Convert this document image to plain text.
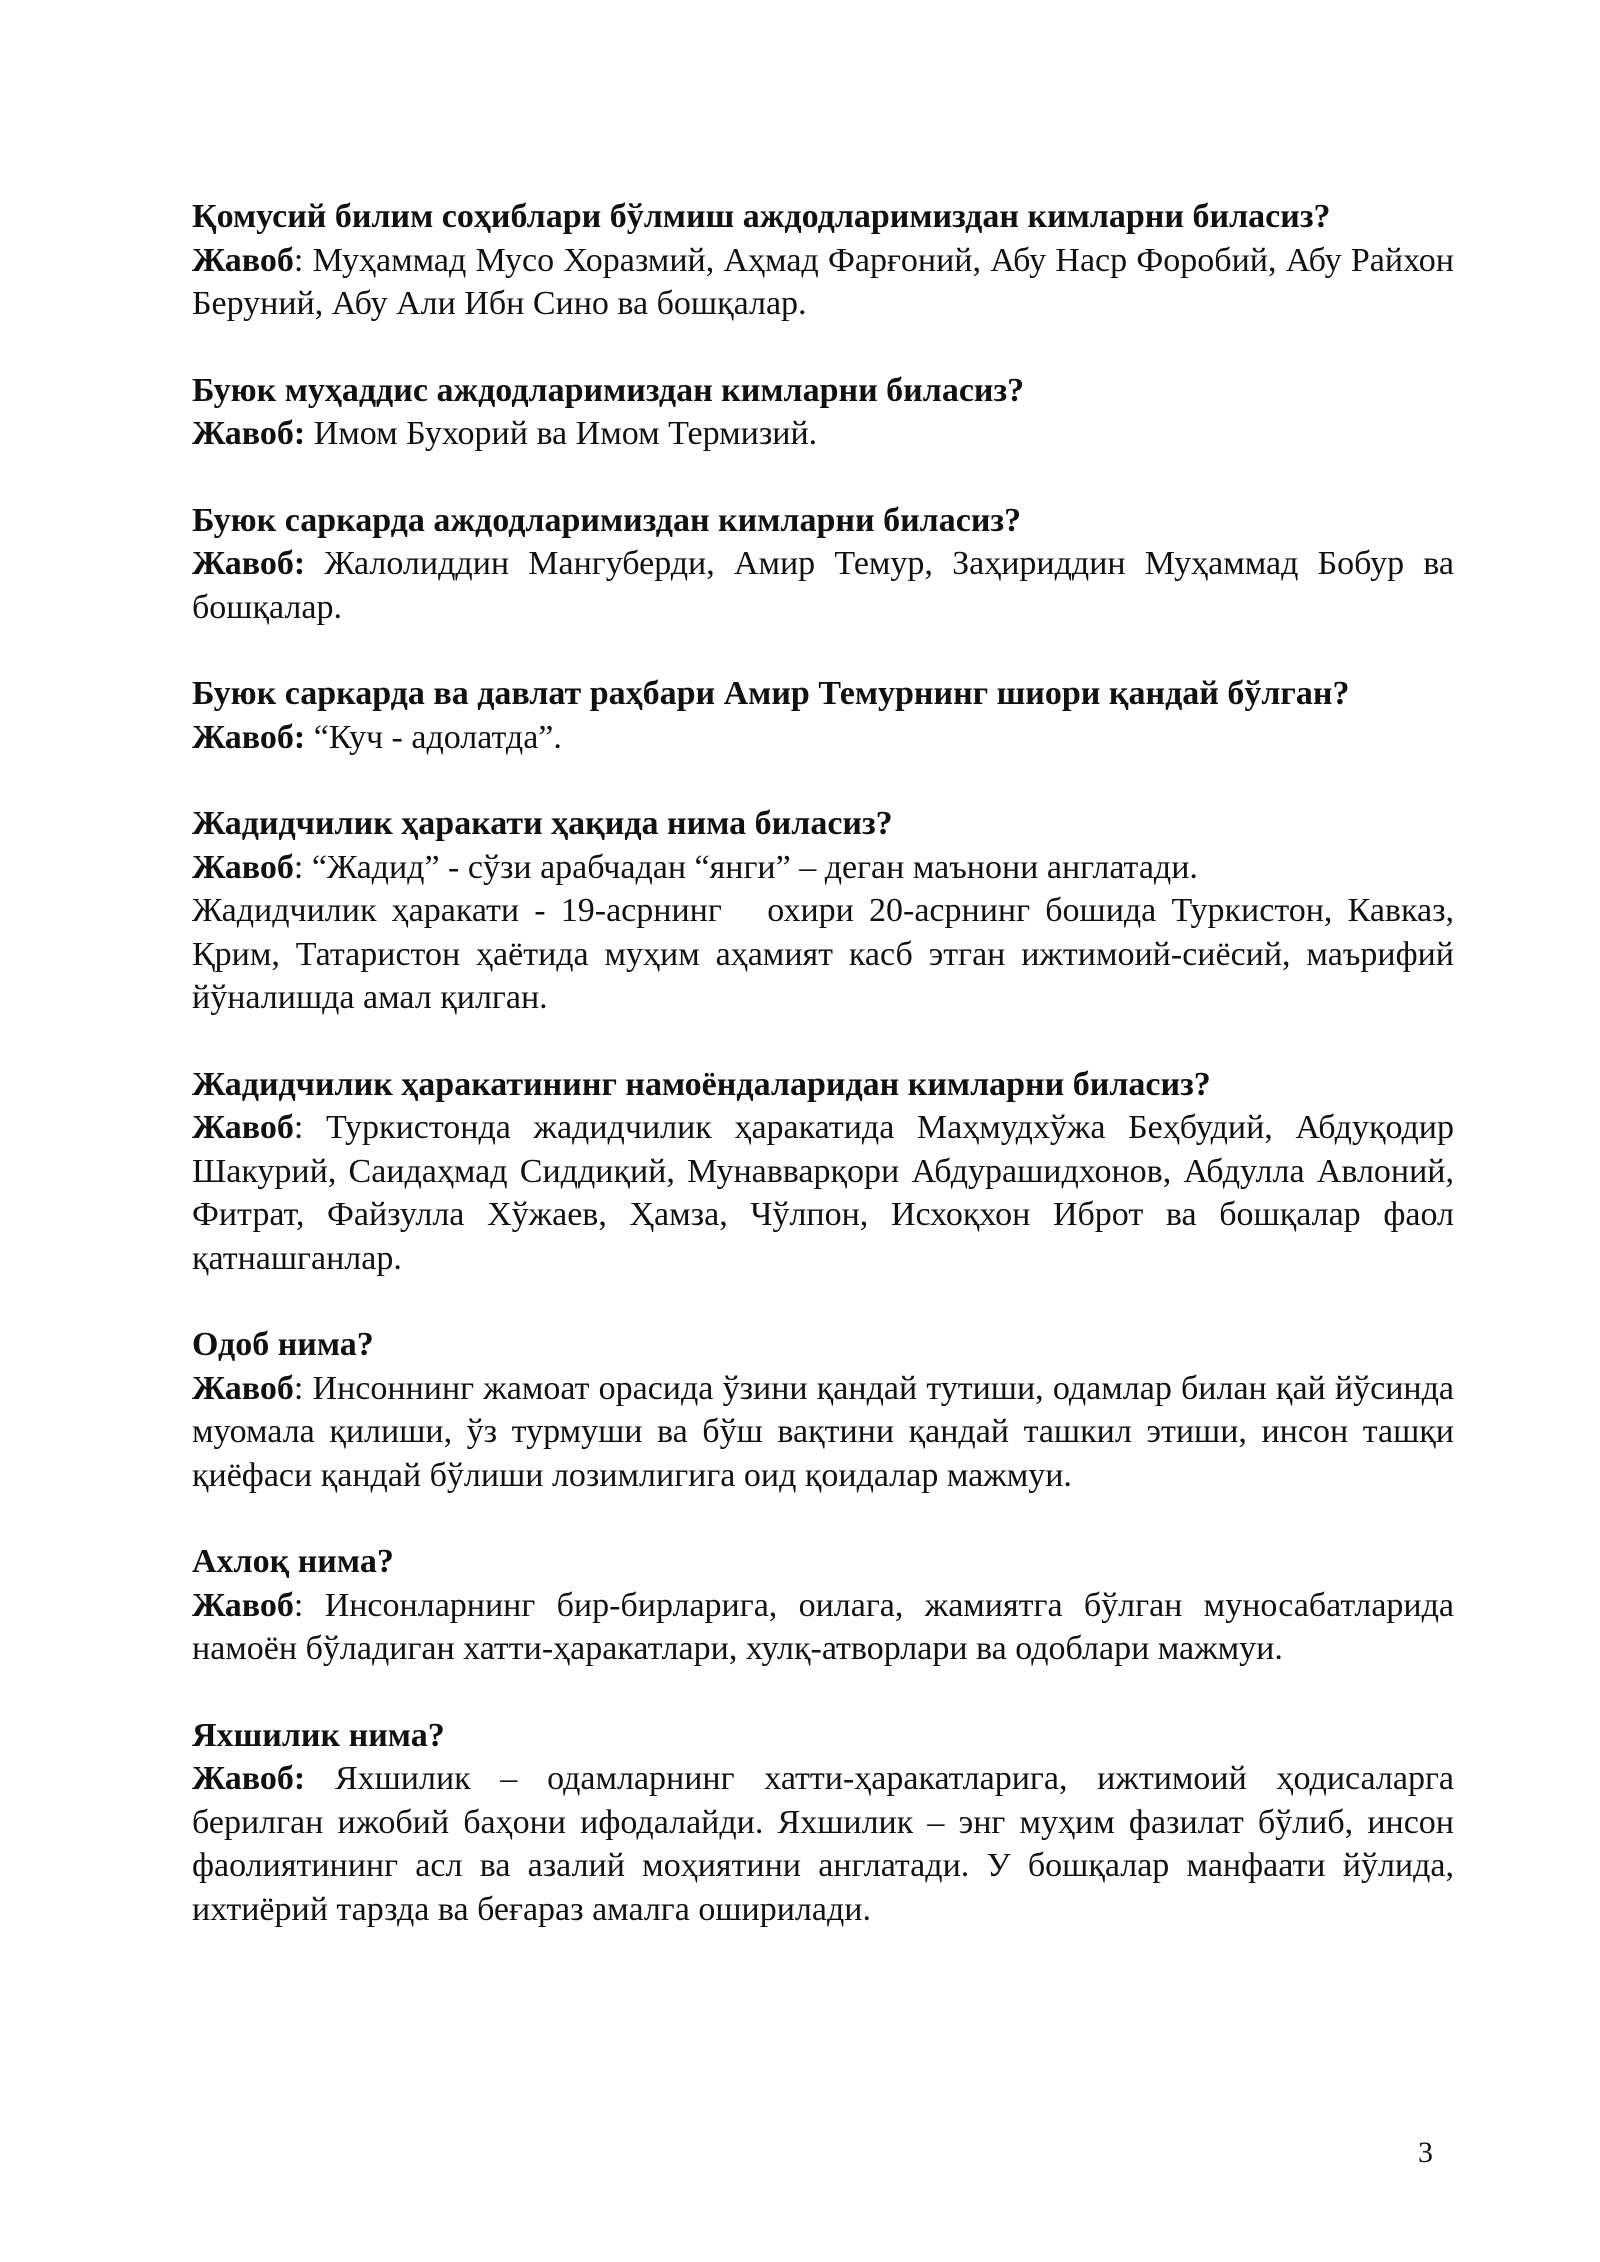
Қомусий билим соҳиблари бўлмиш аждодларимиздан кимларни биласиз?

Жавоб: Муҳаммад Мусо Хоразмий, Аҳмад Фарғоний, Абу Наср Форобий, Абу Райхон Беруний, Абу Али Ибн Сино ва бошқалар.

Буюк муҳаддис аждодларимиздан кимларни биласиз?

Жавоб: Имом Бухорий ва Имом Термизий.

Буюк саркарда аждодларимиздан кимларни биласиз?

Жавоб: Жалолиддин Мангуберди, Амир Темур, Заҳириддин Муҳаммад Бобур ва бошқалар.

Буюк саркарда ва давлат раҳбари Амир Темурнинг шиори қандай бўлган?

Жавоб: “Куч - адолатда”.

Жадидчилик ҳаракати ҳақида нима биласиз?

Жавоб: “Жадид” - сўзи арабчадан “янги” – деган маънони англатади.

Жадидчилик ҳаракати - 19-асрнинг   охири 20-асрнинг бошида Туркистон, Кавказ, Қрим, Татаристон ҳаётида муҳим аҳамият касб этган ижтимоий-сиёсий, маърифий йўналишда амал қилган.

Жадидчилик ҳаракатининг намоёндаларидан кимларни биласиз?

Жавоб: Туркистонда жадидчилик ҳаракатида Маҳмудхўжа Беҳбудий, Абдуқодир Шакурий, Саидаҳмад Сиддиқий, Мунавварқори Абдурашидхонов, Абдулла Авлоний, Фитрат, Файзулла Хўжаев, Ҳамза, Чўлпон, Исхоқхон Иброт ва бошқалар фаол қатнашганлар.

Одоб нима?

Жавоб: Инсоннинг жамоат орасида ўзини қандай тутиши, одамлар билан қай йўсинда муомала қилиши, ўз турмуши ва бўш вақтини қандай ташкил этиши, инсон ташқи қиёфаси қандай бўлиши лозимлигига оид қоидалар мажмуи.

Ахлоқ нима?

Жавоб: Инсонларнинг бир-бирларига, оилага, жамиятга бўлган муносабатларида намоён бўладиган хатти-ҳаракатлари, хулқ-атворлари ва одоблари мажмуи.

Яхшилик нима?

Жавоб: Яхшилик – одамларнинг хатти-ҳаракатларига, ижтимоий ҳодисаларга берилган ижобий баҳони ифодалайди. Яхшилик – энг муҳим фазилат бўлиб, инсон фаолиятининг асл ва азалий моҳиятини англатади. У бошқалар манфаати йўлида, ихтиёрий тарзда ва беғараз амалга оширилади.

3
